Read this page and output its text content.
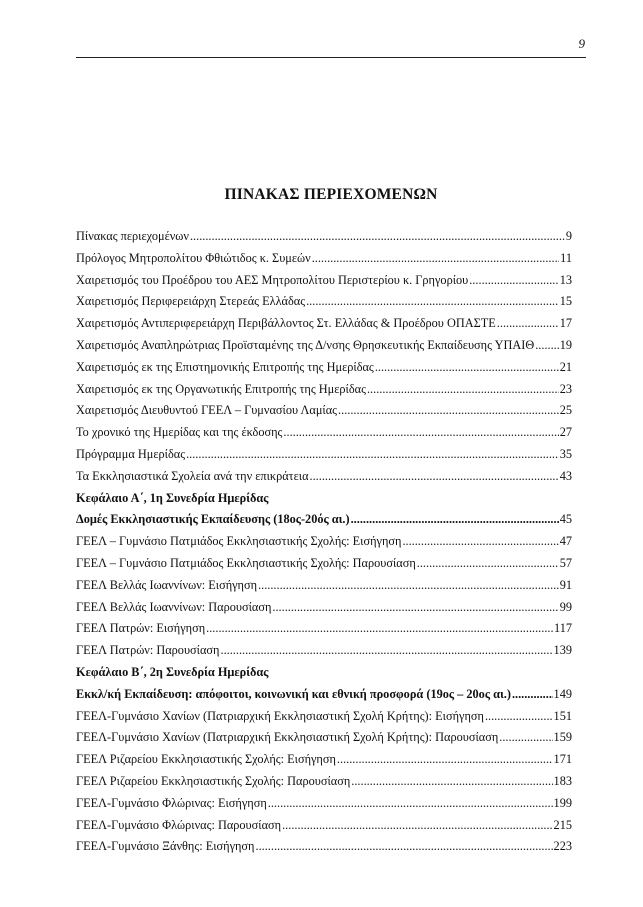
9
ΠΙΝΑΚΑΣ ΠΕΡΙΕΧΟΜΕΝΩΝ
Πίνακας περιεχομένων .....	9
Πρόλογος Μητροπολίτου Φθιώτιδος κ. Συμεών .....	11
Χαιρετισμός του Προέδρου του ΑΕΣ Μητροπολίτου Περιστερίου κ. Γρηγορίου .....	13
Χαιρετισμός Περιφερειάρχη Στερεάς Ελλάδας .....	15
Χαιρετισμός Αντιπεριφερειάρχη Περιβάλλοντος Στ. Ελλάδας & Προέδρου ΟΠΑΣΤΕ .....	17
Χαιρετισμός Αναπληρώτριας Προϊσταμένης της Δ/νσης Θρησκευτικής Εκπαίδευσης ΥΠΑΙΘ ..... 19
Χαιρετισμός εκ της Επιστημονικής Επιτροπής της Ημερίδας .....	21
Χαιρετισμός εκ της Οργανωτικής Επιτροπής της Ημερίδας .....	23
Χαιρετισμός Διευθυντού ΓΕΕΛ – Γυμνασίου Λαμίας .....	25
Το χρονικό της Ημερίδας και της έκδοσης .....	27
Πρόγραμμα Ημερίδας .....	35
Τα Εκκλησιαστικά Σχολεία ανά την επικράτεια .....	43
Κεφάλαιο Α΄, 1η Συνεδρία Ημερίδας
Δομές Εκκλησιαστικής Εκπαίδευσης (18ος-20ός αι.) .....	45
ΓΕΕΛ – Γυμνάσιο Πατμιάδος Εκκλησιαστικής Σχολής: Εισήγηση .....	47
ΓΕΕΛ – Γυμνάσιο Πατμιάδος Εκκλησιαστικής Σχολής: Παρουσίαση .....	57
ΓΕΕΛ Βελλάς Ιωαννίνων: Εισήγηση .....	91
ΓΕΕΛ Βελλάς Ιωαννίνων: Παρουσίαση .....	99
ΓΕΕΛ Πατρών: Εισήγηση .....	117
ΓΕΕΛ Πατρών: Παρουσίαση .....	139
Κεφάλαιο Β΄, 2η Συνεδρία Ημερίδας
Εκκλ/κή Εκπαίδευση: απόφοιτοι, κοινωνική και εθνική προσφορά (19ος – 20ος αι.) .....	149
ΓΕΕΛ-Γυμνάσιο Χανίων (Πατριαρχική Εκκλησιαστική Σχολή Κρήτης): Εισήγηση .....	151
ΓΕΕΛ-Γυμνάσιο Χανίων (Πατριαρχική Εκκλησιαστική Σχολή Κρήτης): Παρουσίαση .....	159
ΓΕΕΛ Ριζαρείου Εκκλησιαστικής Σχολής: Εισήγηση .....	171
ΓΕΕΛ Ριζαρείου Εκκλησιαστικής Σχολής: Παρουσίαση .....	183
ΓΕΕΛ-Γυμνάσιο Φλώρινας: Εισήγηση .....	199
ΓΕΕΛ-Γυμνάσιο Φλώρινας: Παρουσίαση .....	215
ΓΕΕΛ-Γυμνάσιο Ξάνθης: Εισήγηση .....	223
